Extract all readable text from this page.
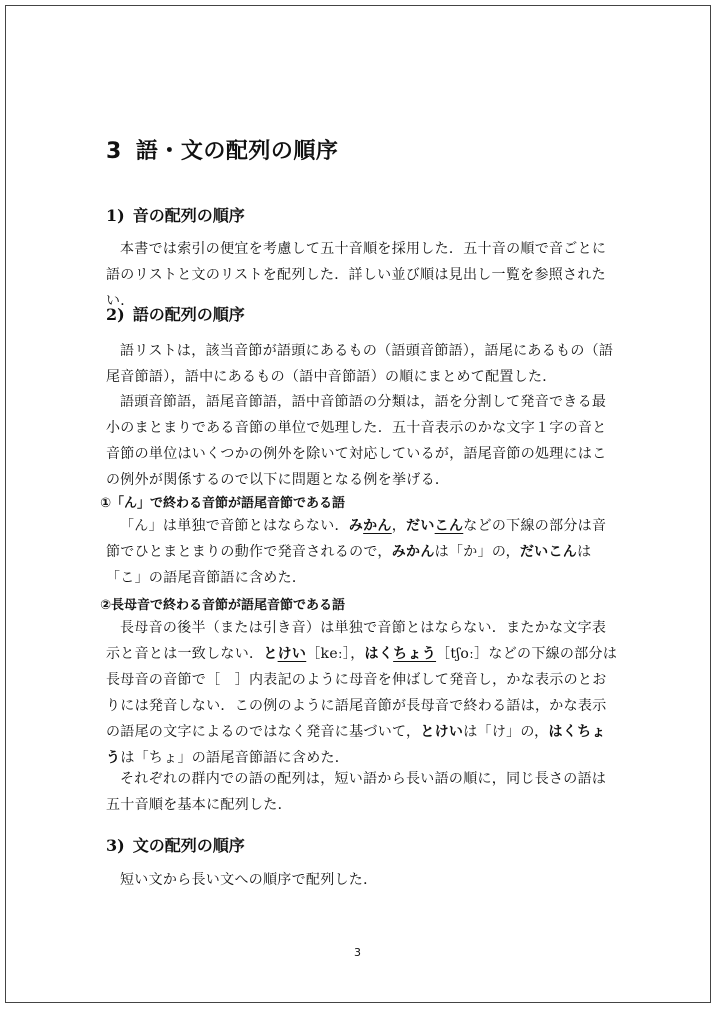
3 語・文の配列の順序
1) 音の配列の順序
本書では索引の便宜を考慮して五十音順を採用した．五十音の順で音ごとに語のリストと文のリストを配列した．詳しい並び順は見出し一覧を参照されたい．
2) 語の配列の順序
語リストは，該当音節が語頭にあるもの（語頭音節語），語尾にあるもの（語尾音節語），語中にあるもの（語中音節語）の順にまとめて配置した．
語頭音節語，語尾音節語，語中音節語の分類は，語を分割して発音できる最小のまとまりである音節の単位で処理した．五十音表示のかな文字１字の音と音節の単位はいくつかの例外を除いて対応しているが，語尾音節の処理にはこの例外が関係するので以下に問題となる例を挙げる．
①「ん」で終わる音節が語尾音節である語
「ん」は単独で音節とはならない．みかん，だいこんなどの下線の部分は音節でひとまとまりの動作で発音されるので，みかんは「か」の，だいこんは「こ」の語尾音節語に含めた．
②長母音で終わる音節が語尾音節である語
長母音の後半（または引き音）は単独で音節とはならない．またかな文字表示と音とは一致しない．とけい［keː］，はくちょう［tʃoː］などの下線の部分は長母音の音節で［　］内表記のように母音を伸ばして発音し，かな表示のとおりには発音しない．この例のように語尾音節が長母音で終わる語は，かな表示の語尾の文字によるのではなく発音に基づいて，とけいは「け」の，はくちょうは「ちょ」の語尾音節語に含めた．
それぞれの群内での語の配列は，短い語から長い語の順に，同じ長さの語は五十音順を基本に配列した．
3) 文の配列の順序
短い文から長い文への順序で配列した．
3
